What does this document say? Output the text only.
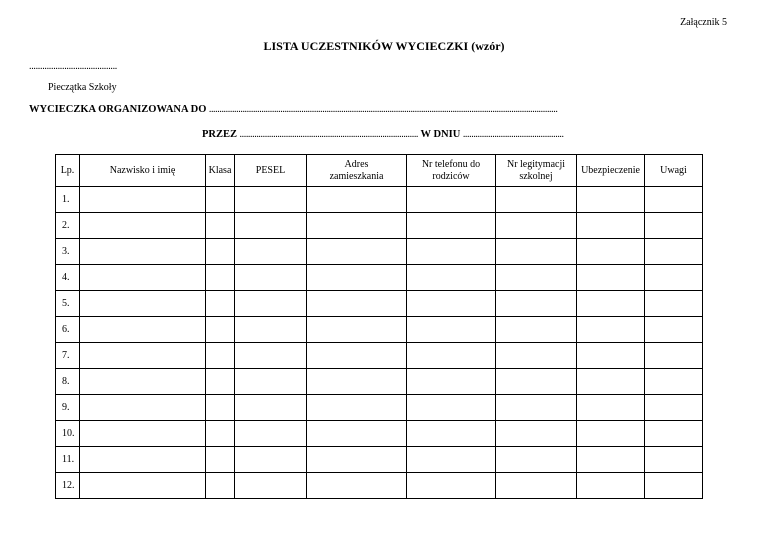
Załącznik 5
LISTA UCZESTNIKÓW WYCIECZKI (wzór)
........................................
Pieczątka Szkoły
WYCIECZKA ORGANIZOWANA DO ......................................................................................................................................................................
PRZEZ ..................................................................................... W DNIU ................................................
Lp.	Nazwisko i imię	Klasa	PESEL	Adres zamieszkania	Nr telefonu do rodziców	Nr legitymacji szkolnej	Ubezpieczenie	Uwagi
1.								
2.								
3.								
4.								
5.								
6.								
7.								
8.								
9.								
10.								
11.								
12.								
